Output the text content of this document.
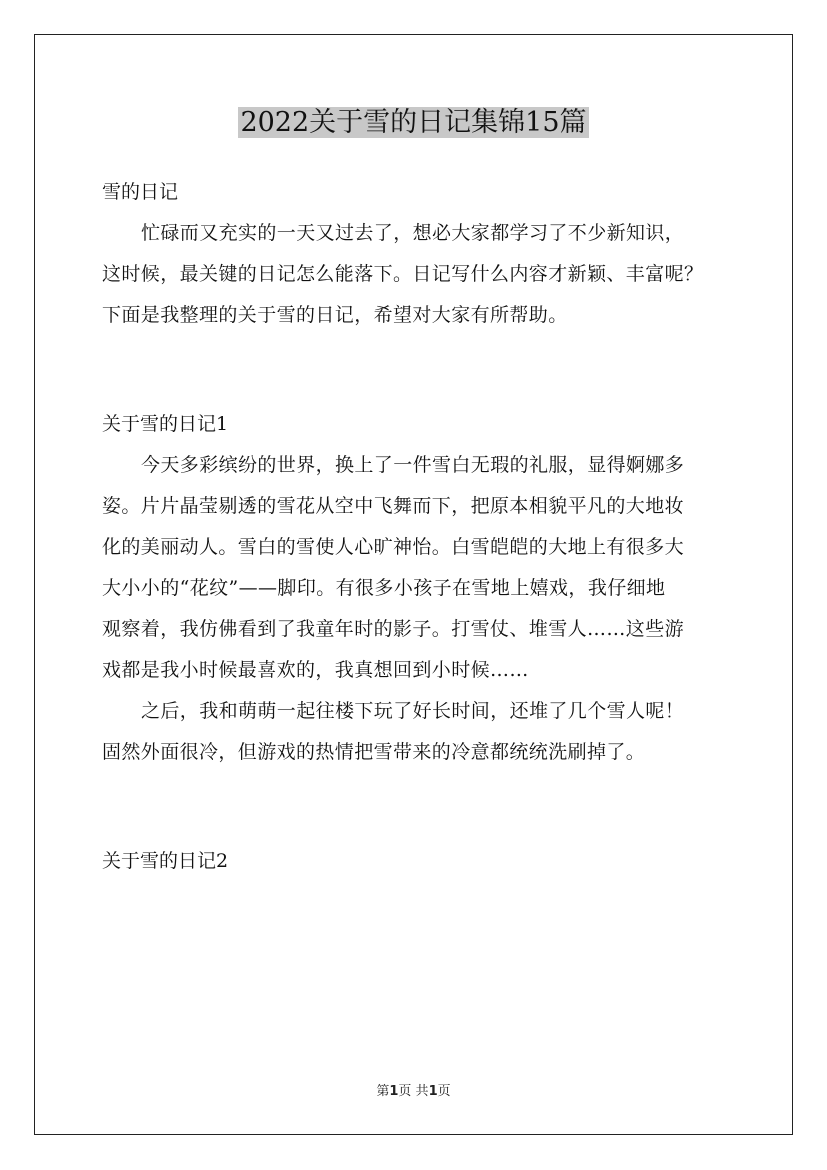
2022关于雪的日记集锦15篇

雪的日记

忙碌而又充实的一天又过去了，想必大家都学习了不少新知识，

这时候，最关键的日记怎么能落下。日记写什么内容才新颖、丰富呢？

下面是我整理的关于雪的日记，希望对大家有所帮助。

关于雪的日记1

今天多彩缤纷的世界，换上了一件雪白无瑕的礼服，显得婀娜多

姿。片片晶莹剔透的雪花从空中飞舞而下，把原本相貌平凡的大地妆

化的美丽动人。雪白的雪使人心旷神怡。白雪皑皑的大地上有很多大

大小小的“花纹”——脚印。有很多小孩子在雪地上嬉戏，我仔细地

观察着，我仿佛看到了我童年时的影子。打雪仗、堆雪人……这些游

戏都是我小时候最喜欢的，我真想回到小时候……

之后，我和萌萌一起往楼下玩了好长时间，还堆了几个雪人呢！

固然外面很冷，但游戏的热情把雪带来的冷意都统统洗刷掉了。

关于雪的日记2

第1页 共1页
